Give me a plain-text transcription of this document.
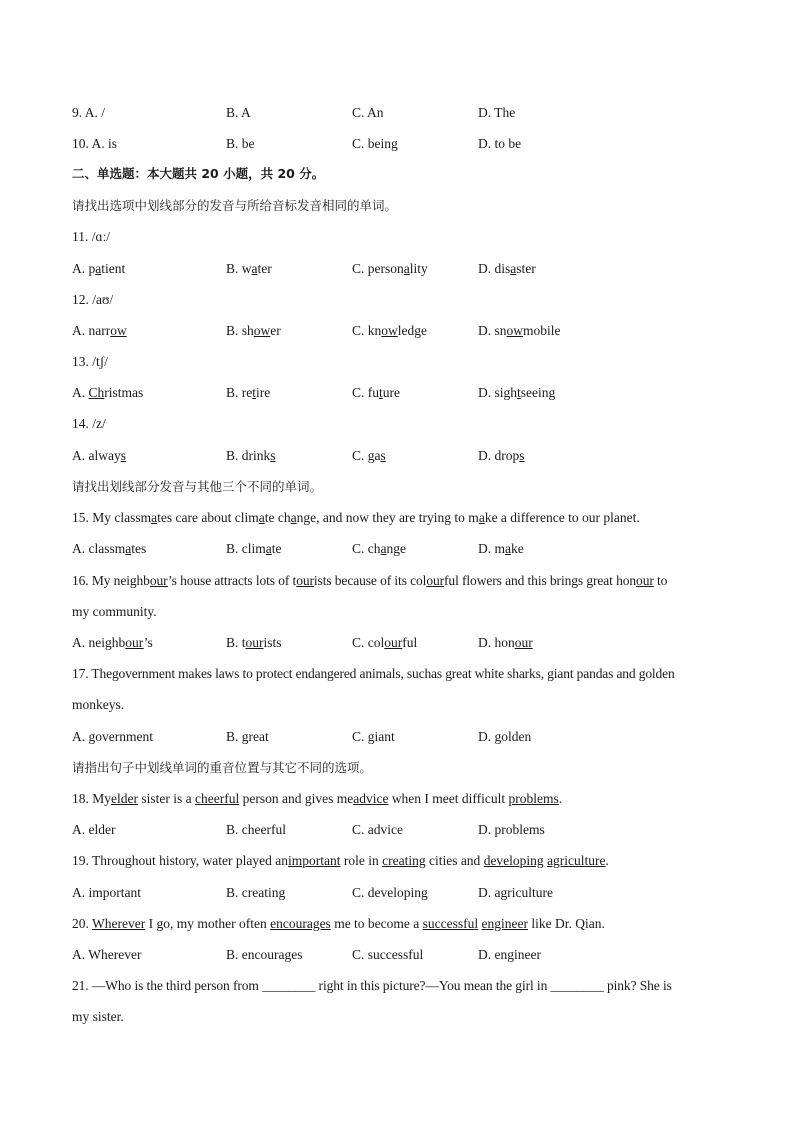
9. A. /	B. A	C. An	D. The
10. A. is	B. be	C. being	D. to be
二、单选题：本大题共 20 小题，共 20 分。
请找出选项中划线部分的发音与所给音标发音相同的单词。
11. /ɑː/
A. patient	B. water	C. personality	D. disaster
12. /aʊ/
A. narrow	B. shower	C. knowledge	D. snowmobile
13. /tʃ/
A. Christmas	B. retire	C. future	D. sightseeing
14. /z/
A. always	B. drinks	C. gas	D. drops
请找出划线部分发音与其他三个不同的单词。
15. My classmates care about climate change, and now they are trying to make a difference to our planet.
A. classmates	B. climate	C. change	D. make
16. My neighbour’s house attracts lots of tourists because of its colourful flowers and this brings great honour to
my community.
A. neighbour’s	B. tourists	C. colourful	D. honour
17. Thegovernment makes laws to protect endangered animals, suchas great white sharks, giant pandas and golden
monkeys.
A. government	B. great	C. giant	D. golden
请指出句子中划线单词的重音位置与其它不同的选项。
18. Myelder sister is a cheerful person and gives meadvice when I meet difficult problems.
A. elder	B. cheerful	C. advice	D. problems
19. Throughout history, water played animportant role in creating cities and developing agriculture.
A. important	B. creating	C. developing	D. agriculture
20. Wherever I go, my mother often encourages me to become a successful engineer like Dr. Qian.
A. Wherever	B. encourages	C. successful	D. engineer
21. —Who is the third person from ________ right in this picture?—You mean the girl in ________ pink? She is
my sister.
